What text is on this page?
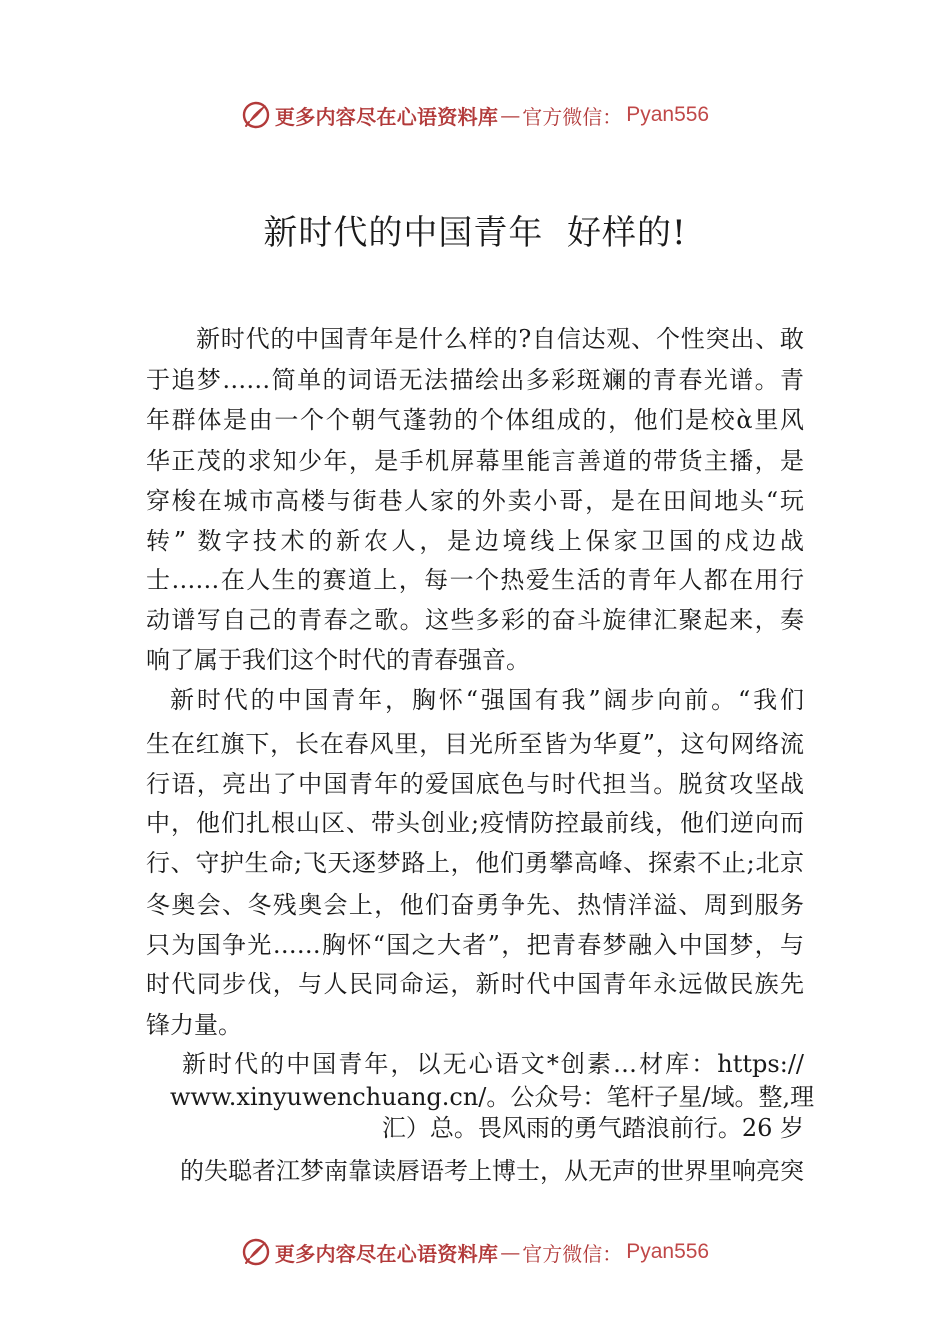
更多内容尽在心语资料库 — 官方微信： Pyan556
新时代的中国青年  好样的!
新时代的中国青年是什么样的?自信达观、个性突出、敢
于追梦……简单的词语无法描绘出多彩斑斓的青春光谱。青
年群体是由一个个朝气蓬勃的个体组成的，他们是校ὰ里风
华正茂的求知少年，是手机屏幕里能言善道的带货主播，是
穿梭在城市高楼与街巷人家的外卖小哥，是在田间地头“玩
转” 数字技术的新农人，是边境线上保家卫国的戍边战
士……在人生的赛道上，每一个热爱生活的青年人都在用行
动谱写自己的青春之歌。这些多彩的奋斗旋律汇聚起来，奏
响了属于我们这个时代的青春强音。
新时代的中国青年，胸怀“强国有我”阔步向前。“我们
生在红旗下，长在春风里，目光所至皆为华夏”，这句网络流
行语，亮出了中国青年的爱国底色与时代担当。脱贫攻坚战
中，他们扎根山区、带头创业;疫情防控最前线，他们逆向而
行、守护生命;飞天逐梦路上，他们勇攀高峰、探索不止;北京
冬奥会、冬残奥会上，他们奋勇争先、热情洋溢、周到服务
只为国争光……胸怀“国之大者”，把青春梦融入中国梦，与
时代同步伐，与人民同命运，新时代中国青年永远做民族先
锋力量。
新时代的中国青年，以无心语文*创素…材库：https://
www.xinyuwenchuang.cn/。公众号：笔杆子星/域。整,理
汇）总。畏风雨的勇气踏浪前行。26 岁
的失聪者江梦南靠读唇语考上博士，从无声的世界里响亮突
更多内容尽在心语资料库 — 官方微信： Pyan556
